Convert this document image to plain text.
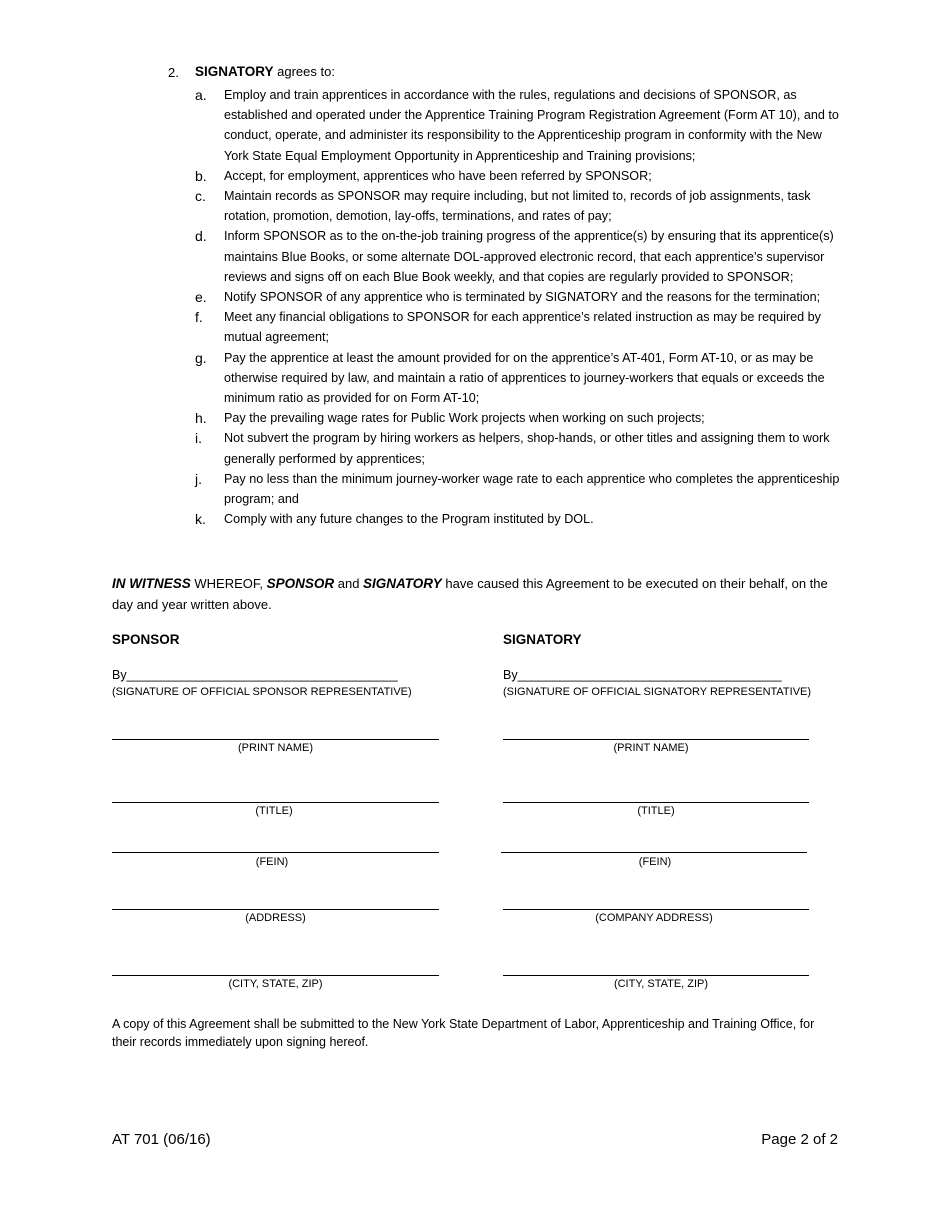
2. SIGNATORY agrees to:
a.	Employ and train apprentices in accordance with the rules, regulations and decisions of SPONSOR, as established and operated under the Apprentice Training Program Registration Agreement (Form AT 10), and to conduct, operate, and administer its responsibility to the Apprenticeship program in conformity with the New York State Equal Employment Opportunity in Apprenticeship and Training provisions;
b.	Accept, for employment, apprentices who have been referred by SPONSOR;
c.	Maintain records as SPONSOR may require including, but not limited to, records of job assignments, task rotation, promotion, demotion, lay-offs, terminations, and rates of pay;
d.	Inform SPONSOR as to the on-the-job training progress of the apprentice(s) by ensuring that its apprentice(s) maintains Blue Books, or some alternate DOL-approved electronic record, that each apprentice’s supervisor reviews and signs off on each Blue Book weekly, and that copies are regularly provided to SPONSOR;
e.	Notify SPONSOR of any apprentice who is terminated by SIGNATORY and the reasons for the termination;
f.	Meet any financial obligations to SPONSOR for each apprentice’s related instruction as may be required by mutual agreement;
g.	Pay the apprentice at least the amount provided for on the apprentice’s AT-401, Form AT-10, or as may be otherwise required by law, and maintain a ratio of apprentices to journey-workers that equals or exceeds the minimum ratio as provided for on Form AT-10;
h.	Pay the prevailing wage rates for Public Work projects when working on such projects;
i.	Not subvert the program by hiring workers as helpers, shop-hands, or other titles and assigning them to work generally performed by apprentices;
j.	Pay no less than the minimum journey-worker wage rate to each apprentice who completes the apprenticeship program; and
k.	Comply with any future changes to the Program instituted by DOL.
IN WITNESS WHEREOF, SPONSOR and SIGNATORY have caused this Agreement to be executed on their behalf, on the day and year written above.
SPONSOR
By_______________________________________
(SIGNATURE OF OFFICIAL SPONSOR REPRESENTATIVE)
(PRINT NAME)
(TITLE)
(FEIN)
(ADDRESS)
(CITY, STATE, ZIP)
SIGNATORY
By______________________________________
(SIGNATURE OF OFFICIAL SIGNATORY REPRESENTATIVE)
(PRINT NAME)
(TITLE)
(FEIN)
(COMPANY ADDRESS)
(CITY, STATE, ZIP)
A copy of this Agreement shall be submitted to the New York State Department of Labor, Apprenticeship and Training Office, for their records immediately upon signing hereof.
AT 701 (06/16)	Page 2 of 2
